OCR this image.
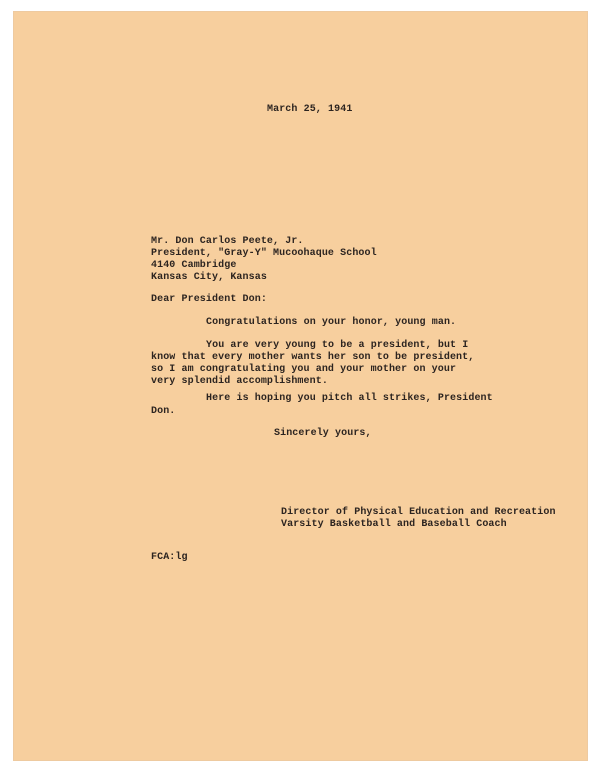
March 25, 1941
Mr. Don Carlos Peete, Jr.
President, "Gray-Y" Mucoohaque School
4140 Cambridge
Kansas City, Kansas
Dear President Don:
Congratulations on your honor, young man.
You are very young to be a president, but I
know that every mother wants her son to be president,
so I am congratulating you and your mother on your
very splendid accomplishment.
Here is hoping you pitch all strikes, President
Don.
Sincerely yours,
Director of Physical Education and Recreation
Varsity Basketball and Baseball Coach
FCA:lg
